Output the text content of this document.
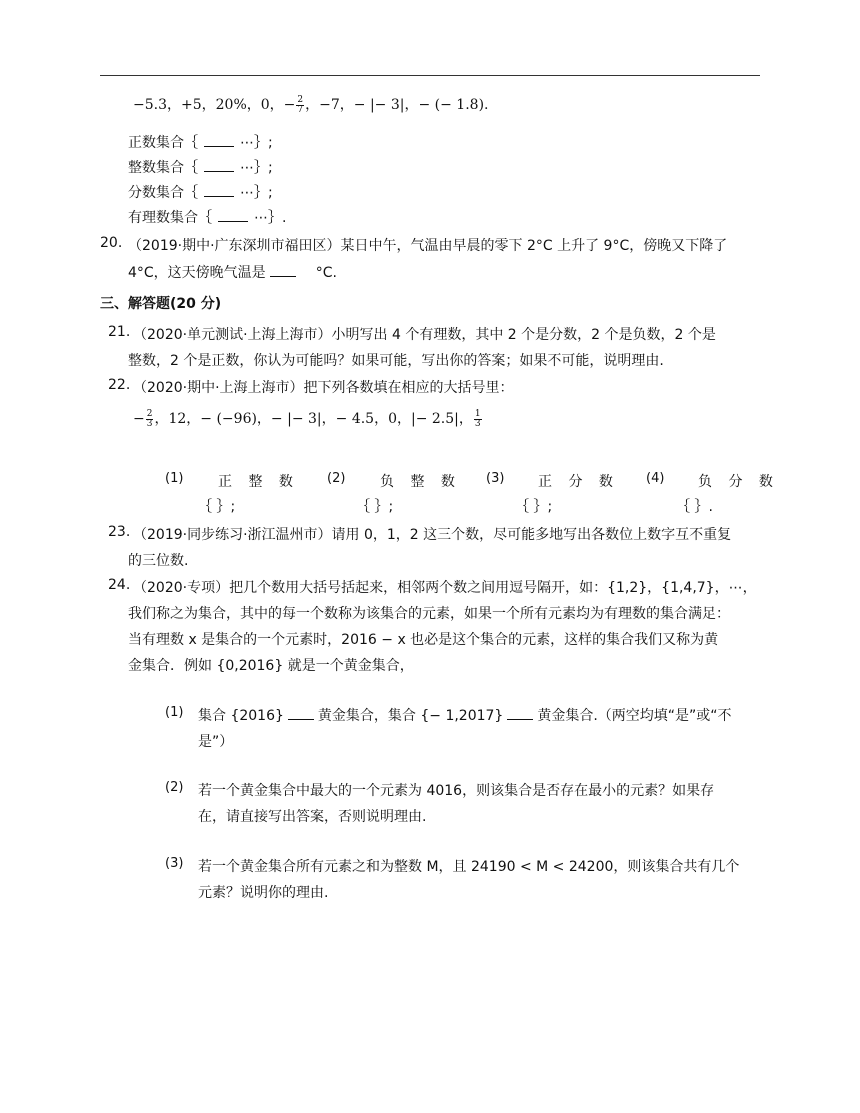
−5.3，+5，20%，0，− $\frac{2}{7}$ ，−7，− |− 3|，− (− 1.8).
正数集合｛	⋯｝;
整数集合｛	⋯｝;
分数集合｛	⋯｝;
有理数集合｛	⋯｝.
20. （2019·期中·广东深圳市福田区）某日中午，气温由早晨的零下 2°C 上升了 9°C，傍晚又下降了
4°C，这天傍晚气温是	°C.
三、解答题(20 分)
21. （2020·单元测试·上海上海市）小明写出 4 个有理数，其中 2 个是分数，2 个是负数，2 个是
整数，2 个是正数，你认为可能吗？如果可能，写出你的答案；如果不可能，说明理由.
22. （2020·期中·上海上海市）把下列各数填在相应的大括号里：
− $\frac{2}{3}$ ，12，− (−96)，− |− 3|，− 4.5，0，|− 2.5|， $\frac{1}{3}$
(1) 正 整 数
｛ ｝;
(2) 负 整 数
｛ ｝;
(3) 正 分 数
｛ ｝;
(4) 负 分 数
｛ ｝.
23. （2019·同步练习·浙江温州市）请用 0，1，2 这三个数，尽可能多地写出各数位上数字互不重复
的三位数.
24. （2020·专项）把几个数用大括号括起来，相邻两个数之间用逗号隔开，如：{1,2}，{1,4,7}，⋯，
我们称之为集合，其中的每一个数称为该集合的元素，如果一个所有元素均为有理数的集合满足：
当有理数 x 是集合的一个元素时，2016 − x 也必是这个集合的元素，这样的集合我们又称为黄
金集合．例如 {0,2016} 就是一个黄金集合，
(1) 集合 {2016} 黄金集合，集合 {− 1,2017} 黄金集合.（两空均填“是”或“不
是”）
(2) 若一个黄金集合中最大的一个元素为 4016，则该集合是否存在最小的元素？如果存
在，请直接写出答案，否则说明理由.
(3) 若一个黄金集合所有元素之和为整数 M，且 24190 < M < 24200，则该集合共有几个
元素？说明你的理由.
